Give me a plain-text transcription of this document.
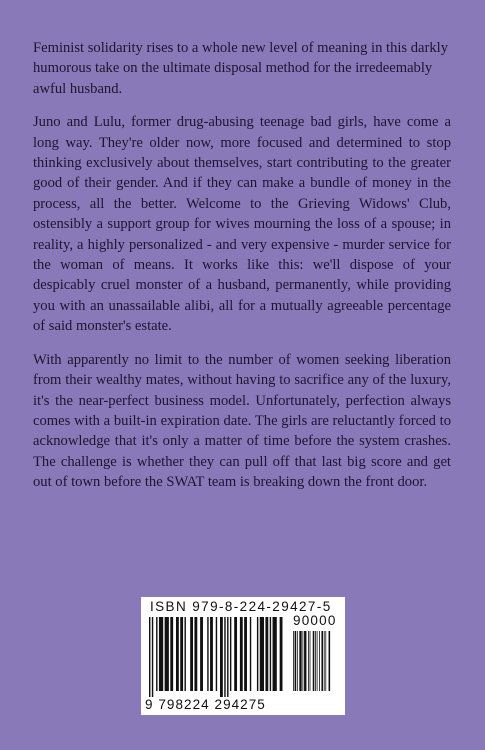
Feminist solidarity rises to a whole new level of meaning in this darkly humorous take on the ultimate disposal method for the irredeemably awful husband.

Juno and Lulu, former drug-abusing teenage bad girls, have come a long way. They're older now, more focused and determined to stop thinking exclusively about themselves, start contributing to the greater good of their gender. And if they can make a bundle of money in the process, all the better. Welcome to the Grieving Widows' Club, ostensibly a support group for wives mourning the loss of a spouse; in reality, a highly personalized - and very expensive - murder service for the woman of means. It works like this: we'll dispose of your despicably cruel monster of a husband, permanently, while providing you with an unassailable alibi, all for a mutually agreeable percentage of said monster's estate.

With apparently no limit to the number of women seeking liberation from their wealthy mates, without having to sacrifice any of the luxury, it's the near-perfect business model. Unfortunately, perfection always comes with a built-in expiration date. The girls are reluctantly forced to acknowledge that it's only a matter of time before the system crashes. The challenge is whether they can pull off that last big score and get out of town before the SWAT team is breaking down the front door.

ISBN 979-8-224-29427-5
90000
9 798224 294275
